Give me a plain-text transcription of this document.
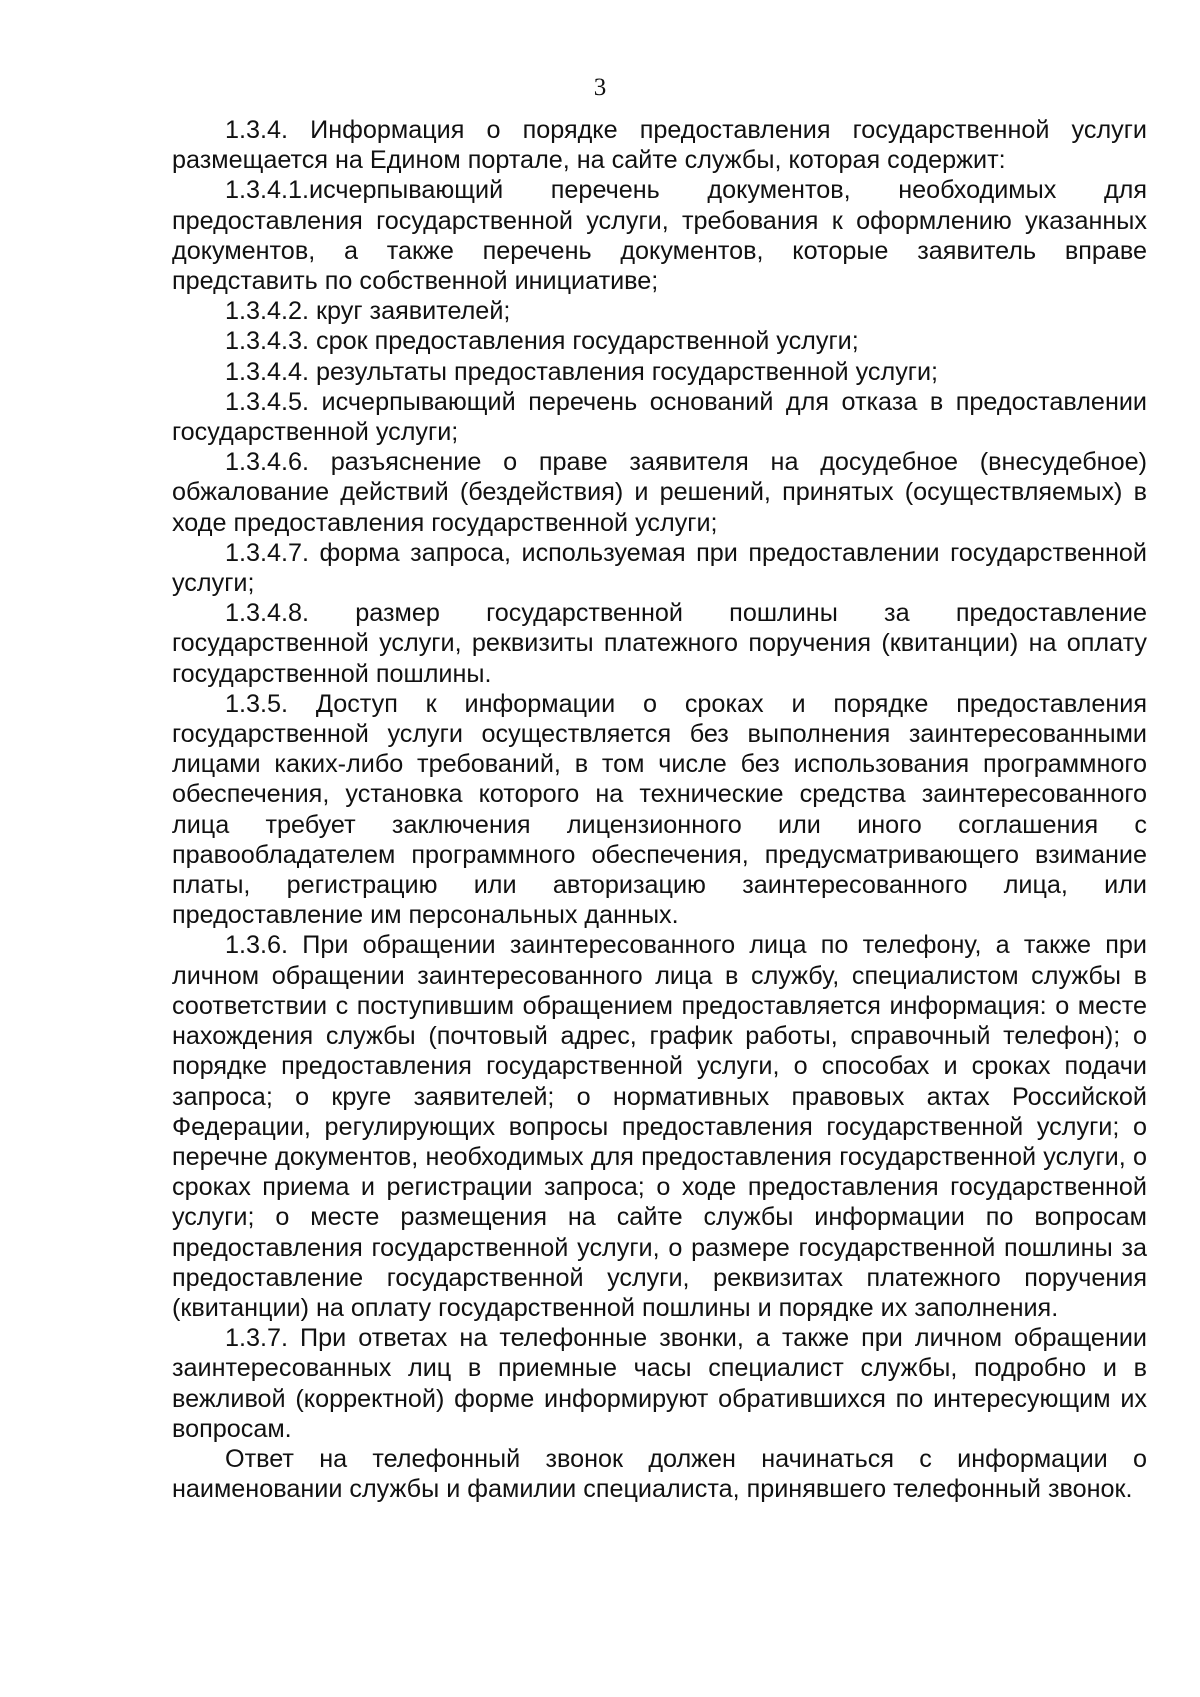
3

1.3.4. Информация о порядке предоставления государственной услуги размещается на Едином портале, на сайте службы, которая содержит:

1.3.4.1.исчерпывающий перечень документов, необходимых для предоставления государственной услуги, требования к оформлению указанных документов, а также перечень документов, которые заявитель вправе представить по собственной инициативе;

1.3.4.2. круг заявителей;

1.3.4.3. срок предоставления государственной услуги;

1.3.4.4. результаты предоставления государственной услуги;

1.3.4.5. исчерпывающий перечень оснований для отказа в предоставлении государственной услуги;

1.3.4.6. разъяснение о праве заявителя на досудебное (внесудебное) обжалование действий (бездействия) и решений, принятых (осуществляемых) в ходе предоставления государственной услуги;

1.3.4.7. форма запроса, используемая при предоставлении государственной услуги;

1.3.4.8. размер государственной пошлины за предоставление государственной услуги, реквизиты платежного поручения (квитанции) на оплату государственной пошлины.

1.3.5. Доступ к информации о сроках и порядке предоставления государственной услуги осуществляется без выполнения заинтересованными лицами каких-либо требований, в том числе без использования программного обеспечения, установка которого на технические средства заинтересованного лица требует заключения лицензионного или иного соглашения с правообладателем программного обеспечения, предусматривающего взимание платы, регистрацию или авторизацию заинтересованного лица, или предоставление им персональных данных.

1.3.6. При обращении заинтересованного лица по телефону, а также при личном обращении заинтересованного лица в службу, специалистом службы в соответствии с поступившим обращением предоставляется информация: о месте нахождения службы (почтовый адрес, график работы, справочный телефон); о порядке предоставления государственной услуги, о способах и сроках подачи запроса; о круге заявителей; о нормативных правовых актах Российской Федерации, регулирующих вопросы предоставления государственной услуги; о перечне документов, необходимых для предоставления государственной услуги, о сроках приема и регистрации запроса; о ходе предоставления государственной услуги; о месте размещения на сайте службы информации по вопросам предоставления государственной услуги, о размере государственной пошлины за предоставление государственной услуги, реквизитах платежного поручения (квитанции) на оплату государственной пошлины и порядке их заполнения.

1.3.7. При ответах на телефонные звонки, а также при личном обращении заинтересованных лиц в приемные часы специалист службы, подробно и в вежливой (корректной) форме информируют обратившихся по интересующим их вопросам.

Ответ на телефонный звонок должен начинаться с информации о наименовании службы и фамилии специалиста, принявшего телефонный звонок.
